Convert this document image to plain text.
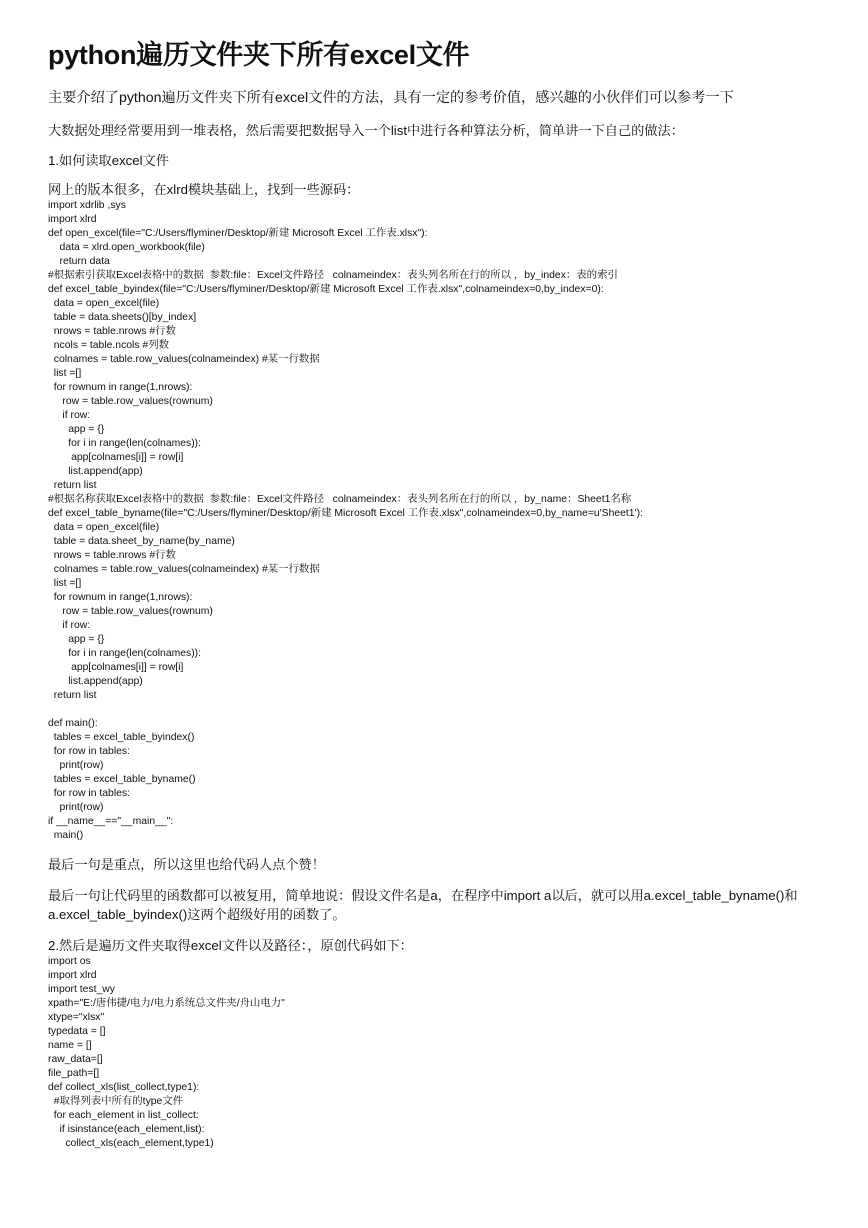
python遍历文件夹下所有excel文件
主要介绍了python遍历文件夹下所有excel文件的方法，具有一定的参考价值，感兴趣的小伙伴们可以参考一下
大数据处理经常要用到一堆表格，然后需要把数据导入一个list中进行各种算法分析，简单讲一下自己的做法：
1.如何读取excel文件
网上的版本很多，在xlrd模块基础上，找到一些源码：
import xdrlib ,sys
import xlrd
def open_excel(file="C:/Users/flyminer/Desktop/新建 Microsoft Excel 工作表.xlsx"):
data = xlrd.open_workbook(file)
return data
#根据索引获取Excel表格中的数据  参数:file：Excel文件路径   colnameindex：表头列名所在行的所以 ，by_index：表的索引
def excel_table_byindex(file="C:/Users/flyminer/Desktop/新建 Microsoft Excel 工作表.xlsx",colnameindex=0,by_index=0):
data = open_excel(file)
table = data.sheets()[by_index]
nrows = table.nrows #行数
ncols = table.ncols #列数
colnames = table.row_values(colnameindex) #某一行数据
list =[]
for rownum in range(1,nrows):
row = table.row_values(rownum)
if row:
app = {}
for i in range(len(colnames)):
app[colnames[i]] = row[i]
list.append(app)
return list
#根据名称获取Excel表格中的数据  参数:file：Excel文件路径   colnameindex：表头列名所在行的所以 ，by_name：Sheet1名称
def excel_table_byname(file="C:/Users/flyminer/Desktop/新建 Microsoft Excel 工作表.xlsx",colnameindex=0,by_name=u'Sheet1'):
data = open_excel(file)
table = data.sheet_by_name(by_name)
nrows = table.nrows #行数
colnames = table.row_values(colnameindex) #某一行数据
list =[]
for rownum in range(1,nrows):
row = table.row_values(rownum)
if row:
app = {}
for i in range(len(colnames)):
app[colnames[i]] = row[i]
list.append(app)
return list

def main():
tables = excel_table_byindex()
for row in tables:
print(row)
tables = excel_table_byname()
for row in tables:
print(row)
if __name__=="__main__":
main()
最后一句是重点，所以这里也给代码人点个赞！
最后一句让代码里的函数都可以被复用，简单地说：假设文件名是a，在程序中import a以后，就可以用a.excel_table_byname()和a.excel_table_byindex()这两个超级好用的函数了。
2.然后是遍历文件夹取得excel文件以及路径：，原创代码如下：
import os
import xlrd
import test_wy
xpath="E:/唐伟捷/电力/电力系统总文件夹/舟山电力"
xtype="xlsx"
typedata = []
name = []
raw_data=[]
file_path=[]
def collect_xls(list_collect,type1):
#取得列表中所有的type文件
for each_element in list_collect:
if isinstance(each_element,list):
collect_xls(each_element,type1)
